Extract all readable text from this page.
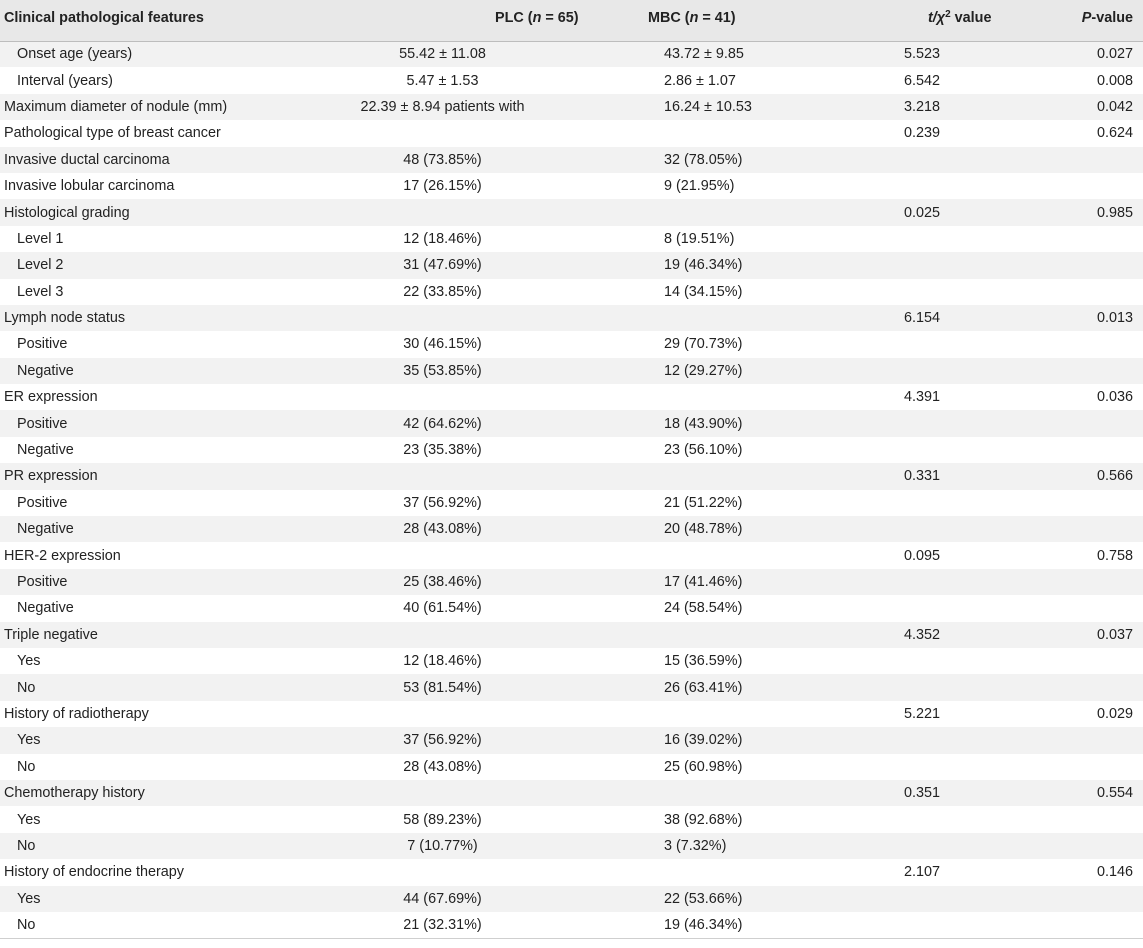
Clinical pathological features	PLC (n = 65)	MBC (n = 41)	$t/\chi^2$ value	P-value
Onset age (years)	55.42 ± 11.08	43.72 ± 9.85	5.523	0.027
Interval (years)	5.47 ± 1.53	2.86 ± 1.07	6.542	0.008
Maximum diameter of nodule (mm)	22.39 ± 8.94 patients with	16.24 ± 10.53	3.218	0.042
Pathological type of breast cancer			0.239	0.624
Invasive ductal carcinoma	48 (73.85%)	32 (78.05%)		
Invasive lobular carcinoma	17 (26.15%)	9 (21.95%)		
Histological grading			0.025	0.985
Level 1	12 (18.46%)	8 (19.51%)		
Level 2	31 (47.69%)	19 (46.34%)		
Level 3	22 (33.85%)	14 (34.15%)		
Lymph node status			6.154	0.013
Positive	30 (46.15%)	29 (70.73%)		
Negative	35 (53.85%)	12 (29.27%)		
ER expression			4.391	0.036
Positive	42 (64.62%)	18 (43.90%)		
Negative	23 (35.38%)	23 (56.10%)		
PR expression			0.331	0.566
Positive	37 (56.92%)	21 (51.22%)		
Negative	28 (43.08%)	20 (48.78%)		
HER-2 expression			0.095	0.758
Positive	25 (38.46%)	17 (41.46%)		
Negative	40 (61.54%)	24 (58.54%)		
Triple negative			4.352	0.037
Yes	12 (18.46%)	15 (36.59%)		
No	53 (81.54%)	26 (63.41%)		
History of radiotherapy			5.221	0.029
Yes	37 (56.92%)	16 (39.02%)		
No	28 (43.08%)	25 (60.98%)		
Chemotherapy history			0.351	0.554
Yes	58 (89.23%)	38 (92.68%)		
No	7 (10.77%)	3 (7.32%)		
History of endocrine therapy			2.107	0.146
Yes	44 (67.69%)	22 (53.66%)		
No	21 (32.31%)	19 (46.34%)		
